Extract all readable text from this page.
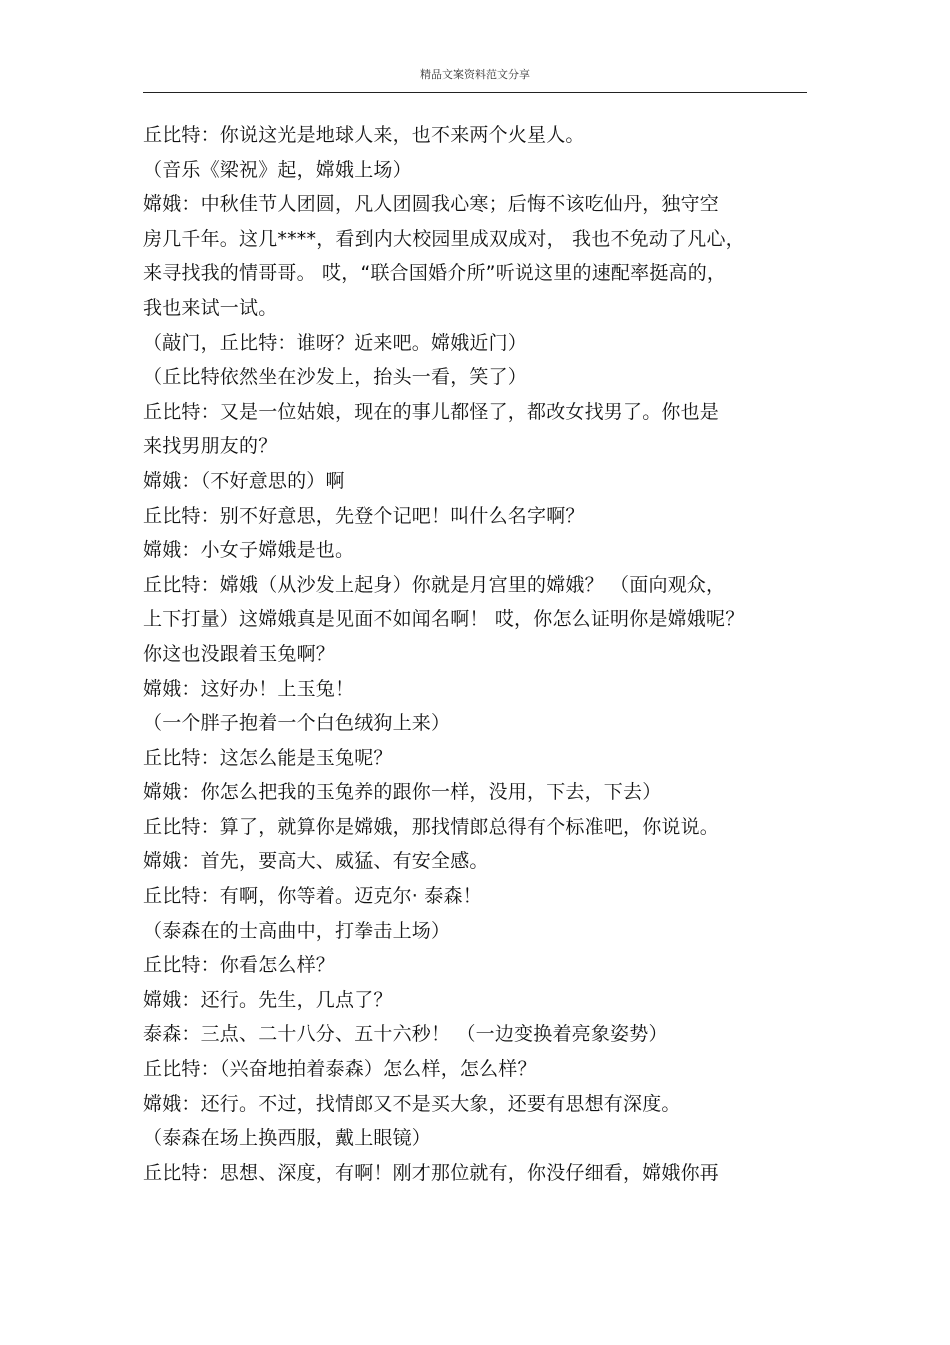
精品文案资料范文分享
丘比特：你说这光是地球人来，也不来两个火星人。
（音乐《梁祝》起，嫦娥上场）
嫦娥：中秋佳节人团圆，凡人团圆我心寒；后悔不该吃仙丹，独守空
房几千年。这几****，看到内大校园里成双成对， 我也不免动了凡心，
来寻找我的情哥哥。 哎，“联合国婚介所”听说这里的速配率挺高的，
我也来试一试。
（敲门，丘比特：谁呀？近来吧。嫦娥近门）
（丘比特依然坐在沙发上，抬头一看，笑了）
丘比特：又是一位姑娘，现在的事儿都怪了，都改女找男了。你也是
来找男朋友的？
嫦娥：（不好意思的）啊
丘比特：别不好意思，先登个记吧！叫什么名字啊？
嫦娥：小女子嫦娥是也。
丘比特：嫦娥（从沙发上起身）你就是月宫里的嫦娥？ （面向观众，
上下打量）这嫦娥真是见面不如闻名啊！ 哎，你怎么证明你是嫦娥呢？
你这也没跟着玉兔啊？
嫦娥：这好办！上玉兔！
（一个胖子抱着一个白色绒狗上来）
丘比特：这怎么能是玉兔呢？
嫦娥：你怎么把我的玉兔养的跟你一样，没用，下去，下去）
丘比特：算了，就算你是嫦娥，那找情郎总得有个标准吧，你说说。
嫦娥：首先，要高大、威猛、有安全感。
丘比特：有啊，你等着。迈克尔· 泰森！
（泰森在的士高曲中，打拳击上场）
丘比特：你看怎么样？
嫦娥：还行。先生，几点了？
泰森：三点、二十八分、五十六秒！ （一边变换着亮象姿势）
丘比特：（兴奋地拍着泰森）怎么样，怎么样？
嫦娥：还行。不过，找情郎又不是买大象，还要有思想有深度。
（泰森在场上换西服，戴上眼镜）
丘比特：思想、深度，有啊！刚才那位就有，你没仔细看，嫦娥你再
